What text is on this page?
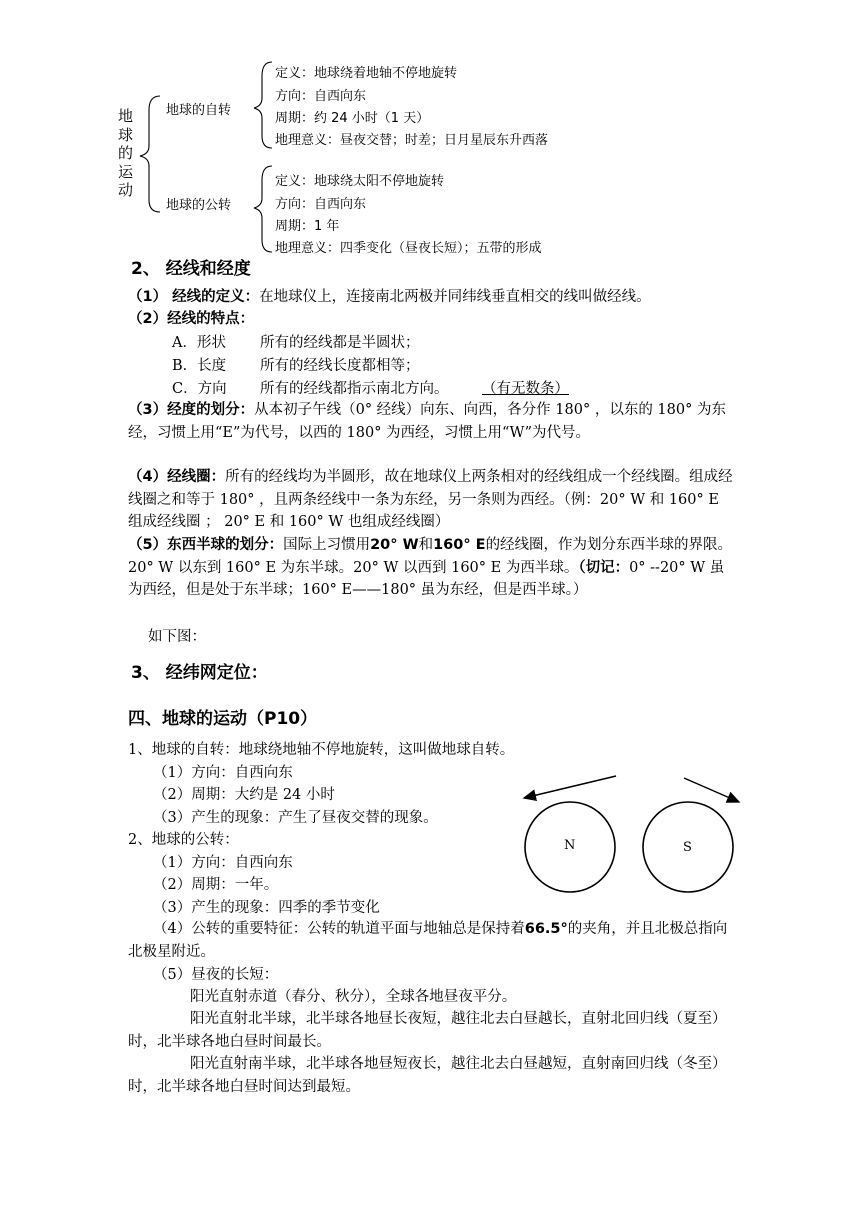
地球的运动
地球的自转
定义：地球绕着地轴不停地旋转
方向：自西向东
周期：约 24 小时（1 天）
地理意义：昼夜交替；时差；日月星辰东升西落
地球的公转
定义：地球绕太阳不停地旋转
方向：自西向东
周期：1 年
地理意义：四季变化（昼夜长短）；五带的形成
2、 经线和经度
（1） 经线的定义：在地球仪上，连接南北两极并同纬线垂直相交的线叫做经线。
（2）经线的特点：
A．形状 所有的经线都是半圆状；
B．长度 所有的经线长度都相等；
C．方向 所有的经线都指示南北方向。 （有无数条）
（3）经度的划分：从本初子午线（0° 经线）向东、向西，各分作 180° ，以东的 180° 为东经，习惯上用“E”为代号，以西的 180° 为西经，习惯上用“W”为代号。
（4）经线圈：所有的经线均为半圆形，故在地球仪上两条相对的经线组成一个经线圈。组成经线圈之和等于 180° ，且两条经线中一条为东经，另一条则为西经。（例：20° W 和 160° E 组成经线圈 ； 20° E 和 160° W 也组成经线圈）
（5）东西半球的划分：国际上习惯用20° W和160° E的经线圈，作为划分东西半球的界限。20° W 以东到 160° E 为东半球。20° W 以西到 160° E 为西半球。（切记：0° --20° W 虽为西经，但是处于东半球；160° E——180° 虽为东经，但是西半球。）
如下图：
3、 经纬网定位：
四、地球的运动（P10）
1、地球的自转：地球绕地轴不停地旋转，这叫做地球自转。
（1）方向：自西向东
（2）周期：大约是 24 小时
（3）产生的现象：产生了昼夜交替的现象。
2、地球的公转：
（1）方向：自西向东
（2）周期：一年。
（3）产生的现象：四季的季节变化
（4）公转的重要特征：公转的轨道平面与地轴总是保持着66.5°的夹角，并且北极总指向北极星附近。
（5）昼夜的长短：
阳光直射赤道（春分、秋分），全球各地昼夜平分。
阳光直射北半球，北半球各地昼长夜短，越往北去白昼越长，直射北回归线（夏至）时，北半球各地白昼时间最长。
阳光直射南半球，北半球各地昼短夜长，越往北去白昼越短，直射南回归线（冬至）时，北半球各地白昼时间达到最短。
N	S
